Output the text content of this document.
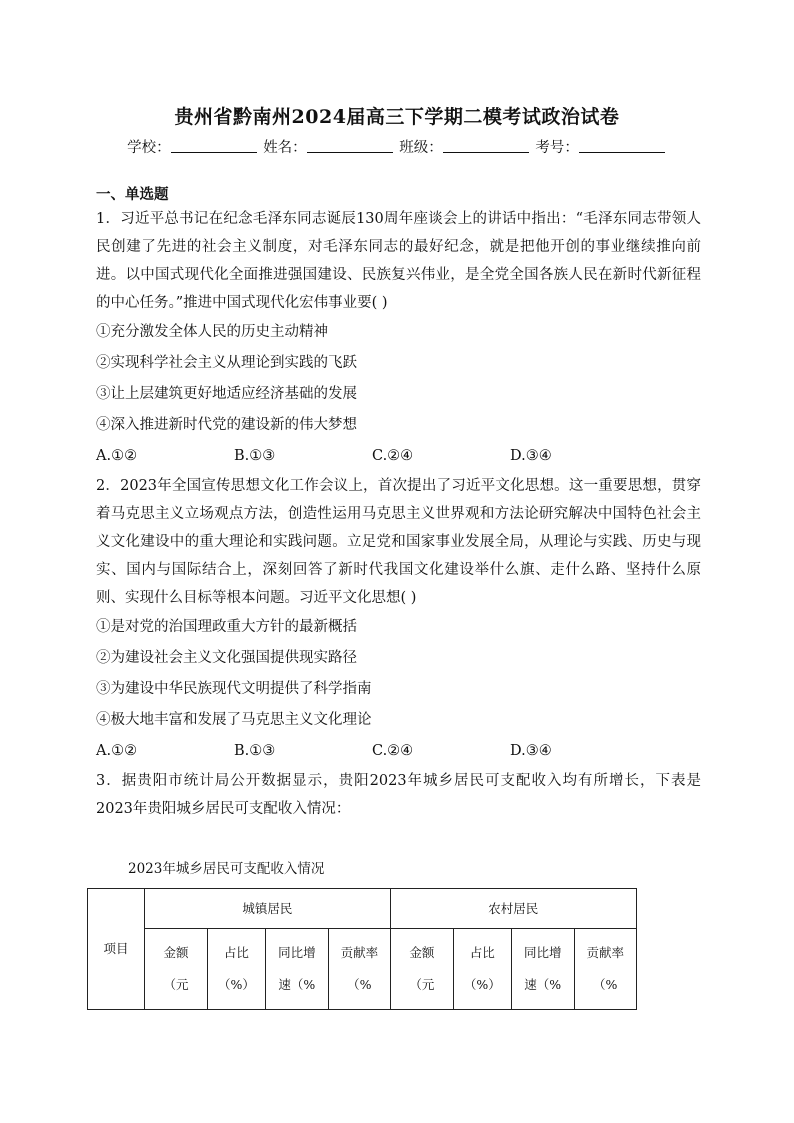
贵州省黔南州2024届高三下学期二模考试政治试卷
学校：	姓名：	班级：	考号：
一、单选题

1．习近平总书记在纪念毛泽东同志诞辰130周年座谈会上的讲话中指出：“毛泽东同志带领人民创建了先进的社会主义制度，对毛泽东同志的最好纪念，就是把他开创的事业继续推向前进。以中国式现代化全面推进强国建设、民族复兴伟业，是全党全国各族人民在新时代新征程的中心任务。”推进中国式现代化宏伟事业要( )

①充分激发全体人民的历史主动精神

②实现科学社会主义从理论到实践的飞跃

③让上层建筑更好地适应经济基础的发展

④深入推进新时代党的建设新的伟大梦想

A.①②	B.①③	C.②④	D.③④

2．2023年全国宣传思想文化工作会议上，首次提出了习近平文化思想。这一重要思想，贯穿着马克思主义立场观点方法，创造性运用马克思主义世界观和方法论研究解决中国特色社会主义文化建设中的重大理论和实践问题。立足党和国家事业发展全局，从理论与实践、历史与现实、国内与国际结合上，深刻回答了新时代我国文化建设举什么旗、走什么路、坚持什么原则、实现什么目标等根本问题。习近平文化思想( )

①是对党的治国理政重大方针的最新概括

②为建设社会主义文化强国提供现实路径

③为建设中华民族现代文明提供了科学指南

④极大地丰富和发展了马克思主义文化理论

A.①②	B.①③	C.②④	D.③④

3．据贵阳市统计局公开数据显示，贵阳2023年城乡居民可支配收入均有所增长，下表是2023年贵阳城乡居民可支配收入情况：

2023年城乡居民可支配收入情况
项目	城镇居民				农村居民			
	金额（元	占比（%）	同比增速（%	贡献率（%	金额（元	占比（%）	同比增速（%	贡献率（%
